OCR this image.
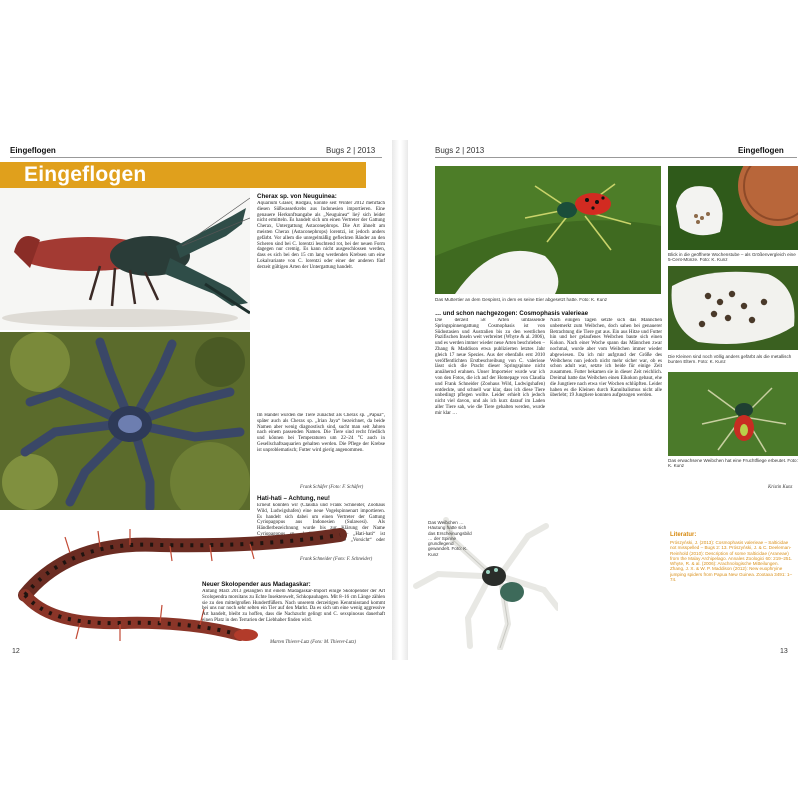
Eingeflogen	Bugs 2 | 2013
Eingeflogen
Cherax sp. von Neuguinea:
Aquarium Glaser, Rodgau, konnte seit Winter 2012 mehrfach diesen Süßwasserkrebs aus Indonesien importieren. Eine genauere Herkunftsangabe als „Neuguinea“ lieÿ sich leider nicht ermitteln. Es handelt sich um einen Vertreter der Gattung Cherax, Untergattung Astaconephrops. Die Art ähnelt am meisten Cherax (Astaconephrops) lorentzi, ist jedoch anders gefärbt. Vor allem die unregelmäßig gefleckten Ränder an den Scheren sind bei C. lorentzi leuchtend rot, bei der neuen Form dagegen nur cremig. Es kann nicht ausgeschlossen werden, dass es sich bei den 15 cm lang werdenden Krebsen um eine Lokalvariante von C. lorentzi oder einer der anderen fünf derzeit gültigen Arten der Untergattung handelt.
Im Handel wurden die Tiere zunächst als Cherax sp. „Papua“, später auch als Cherax sp. „Irian Jaya“ bezeichnet, da beide Namen aber wenig diagnostisch sind, sucht man seit Jahren nach einem passenden Namen. Die Tiere sind recht friedlich und können bei Temperaturen um 22–24 °C auch in Gesellschaftsaquarien gehalten werden. Die Pflege der Krebse ist unproblematisch; Futter wird gierig angenommen.
Frank Schäfer (Foto: F. Schäfer)
Hati-hati – Achtung, neu!
Erneut konnten wir (Claudia und Frank Schneider, Zoohaus Wild, Ludwigshafen) eine neue Vogelspinnenart importieren. Es handelt sich dabei um einen Vertreter der Gattung Cyriopagopus aus Indonesien (Sulawesi). Als Händlerbezeichnung wurde bis zur Klärung der Name Cyriopagopus sp. „hatihati“ gewählt – „Hati-hati“ ist indonesisch und bedeutet so viel wie „Vorsicht“ oder „Achtung“.
Frank Schneider (Foto: F. Schneider)
Neuer Skolopender aus Madagaskar:
Anfang März 2013 gelangten mit einem Madagaskar-Import einige Skolopender der Art Scolopendra morsitans zu Echte Insektenwelt, Schkopauhagen. Mit 8–16 cm Länge zählen sie zu den mittelgroßen Hundertfüßern. Nach unserem derzeitigen Kenntnisstand kommt bei uns nur noch sehr selten ein Tier auf den Markt. Da es sich um eine wenig aggressive Art handelt, bleibt zu hoffen, dass die Nachzucht gelingt und C. sexspinosus dauerhaft einen Platz in den Terrarien der Liebhaber finden wird.
Marten Thierer-Lutz (Foto: M. Thierer-Lutz)
12
Bugs 2 | 2013	Eingeflogen
Das Muttertier an dem Gespinst, in dem es seine Eier abgesetzt hatte. Foto: K. Kunz
Blick in die geöffnete Wochenstube – als Größenvergleich eine 5-Cent-Münze. Foto: K. Kunz
Die Kleinen sind noch völlig anders gefärbt als die metallisch bunten Eltern. Foto: K. Kunz
Das erwachsene Weibchen hat eine Fruchtfliege erbeutet. Foto: K. Kunz
… und schon nachgezogen: Cosmophasis valerieae
Die derzeit 58 Arten umfassende Springspinnengattung Cosmophasis ist von Südostasien und Australien bis zu den westlichen Pazifischen Inseln weit verbreitet (Whyte & al. 2006), und es werden immer wieder neue Arten beschrieben – Zhang & Maddison etwa publizierten letztes Jahr gleich 17 neue Spezies. Aus der ebenfalls erst 2010 veröffentlichten Erstbeschreibung von C. valerieae lässt sich die Pracht dieser Springspinne nicht annähernd erahnen. Unser Importeier wurde war ich von den Fotos, die ich auf der Homepage von Claudia und Frank Schneider (Zoohaus Wild, Ludwigshafen) entdeckte, und schnell war klar, dass ich diese Tiere unbedingt pflegen wollte. Leider erhielt ich jedoch nicht viel davon, und als ich kurz darauf im Laden aller Tiere sah, wie die Tiere gehalten werden, wurde mir klar …
Nach einigen Tagen setzte sich das Männchen unbemerkt zum Weibchen, doch sahen bei genauerer Betrachtung die Tiere gut aus. Ein aus Hitze und Futter hin und her gelaufenes Weibchen baute sich einen Kokon. Nach einer Woche spann das Männchen zwar nochmal, wurde aber vom Weibchen immer wieder abgewiesen. Da ich mir aufgrund der Größe des Weibchens nun jedoch nicht mehr sicher war, ob es schon adult war, setzte ich beide für einige Zeit zusammen. Futter bekamen sie in dieser Zeit reichlich. Dreimal hatte das Weibchen einen Eikokon gebaut, ehe die Jungtiere nach etwa vier Wochen schlüpften. Leider haben es die Kleinen durch Kannibalismus nicht alle überlebt; 19 Jungtiere konnten aufgezogen werden.
Das Weibchen … Häutung hatte sich das Erscheinungsbild … der Spinne grundlegend gewandelt. Foto: K. Kunz
Kristin Kunz
Literatur:
Prószyński, J. (2013): Cosmophasis valerieae – Salticidae not misspelled – Bugs 2: 13. Prószyński, J. & C. Deeleman-Reinhold (2010): Description of some Salticidae (Araneae) from the Malay Archipelago. Annales Zoologici 60: 219–251. Whyte, R. & al. (2006): Arachnologische Mitteilungen. Zhang, J. X. & W. P. Maddison (2012): New euophryine jumping spiders from Papua New Guinea. Zootaxa 3491: 1–74.
13
